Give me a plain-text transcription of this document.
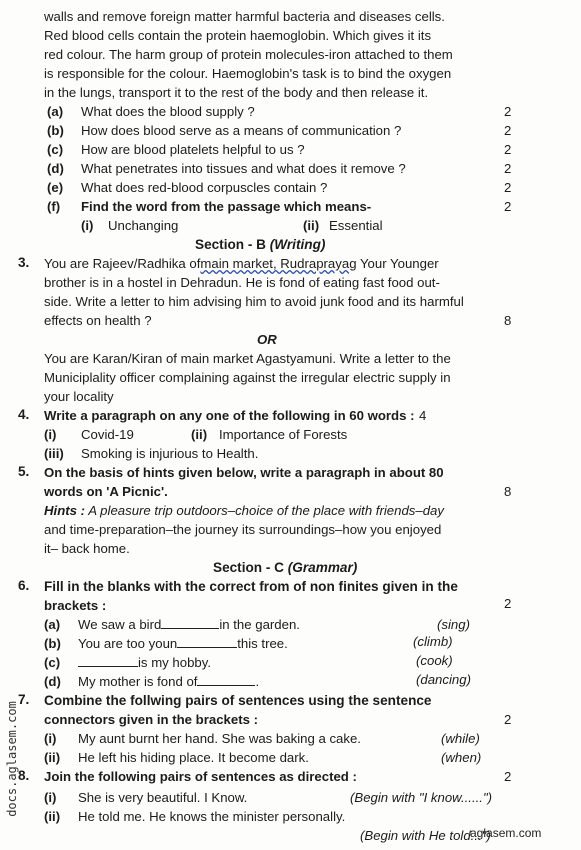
walls and remove foreign matter harmful bacteria and diseases cells.
Red blood cells contain the protein haemoglobin. Which gives it its
red colour. The harm group of protein molecules-iron attached to them
is responsible for the colour. Haemoglobin's task is to bind the oxygen
in the lungs, transport it to the rest of the body and then release it.
(a) What does the blood supply ?	2
(b) How does blood serve as a means of communication ?	2
(c) How are blood platelets helpful to us ?	2
(d) What penetrates into tissues and what does it remove ?	2
(e) What does red-blood corpuscles contain ?	2
(f) Find the word from the passage which means-	2
(i) Unchanging	(ii) Essential
Section - B (Writing)
3. You are Rajeev/Radhika ofmain market, Rudraprayag Your Younger
brother is in a hostel in Dehradun. He is fond of eating fast food out-
side. Write a letter to him advising him to avoid junk food and its harmful
effects on health ?	8
OR
You are Karan/Kiran of main market Agastyamuni. Write a letter to the
Municiplality officer complaining against the irregular electric supply in
your locality
4. Write a paragraph on any one of the following in 60 words : 4
(i) Covid-19	(ii) Importance of Forests
(iii) Smoking is injurious to Health.
5. On the basis of hints given below, write a paragraph in about 80
words on 'A Picnic'.	8
Hints : A pleasure trip outdoors–choice of the place with friends–day
and time-preparation–the journey its surroundings–how you enjoyed
it– back home.
Section - C (Grammar)
6. Fill in the blanks with the correct from of non finites given in the
brackets :	2
(a) We saw a bird	in the garden.	(sing)
(b) You are too youn	this tree.	(climb)
(c)	is my hobby.	(cook)
(d) My mother is fond of	.	(dancing)
7. Combine the follwing pairs of sentences using the sentence
connectors given in the brackets :	2
(i) My aunt burnt her hand. She was baking a cake.	(while)
(ii) He left his hiding place. It become dark.	(when)
8. Join the following pairs of sentences as directed :	2
(i) She is very beautiful. I Know.	(Begin with "I know......")
(ii) He told me. He knows the minister personally.
(Begin with He told...")
docs.aglasem.com
aglasem.com
